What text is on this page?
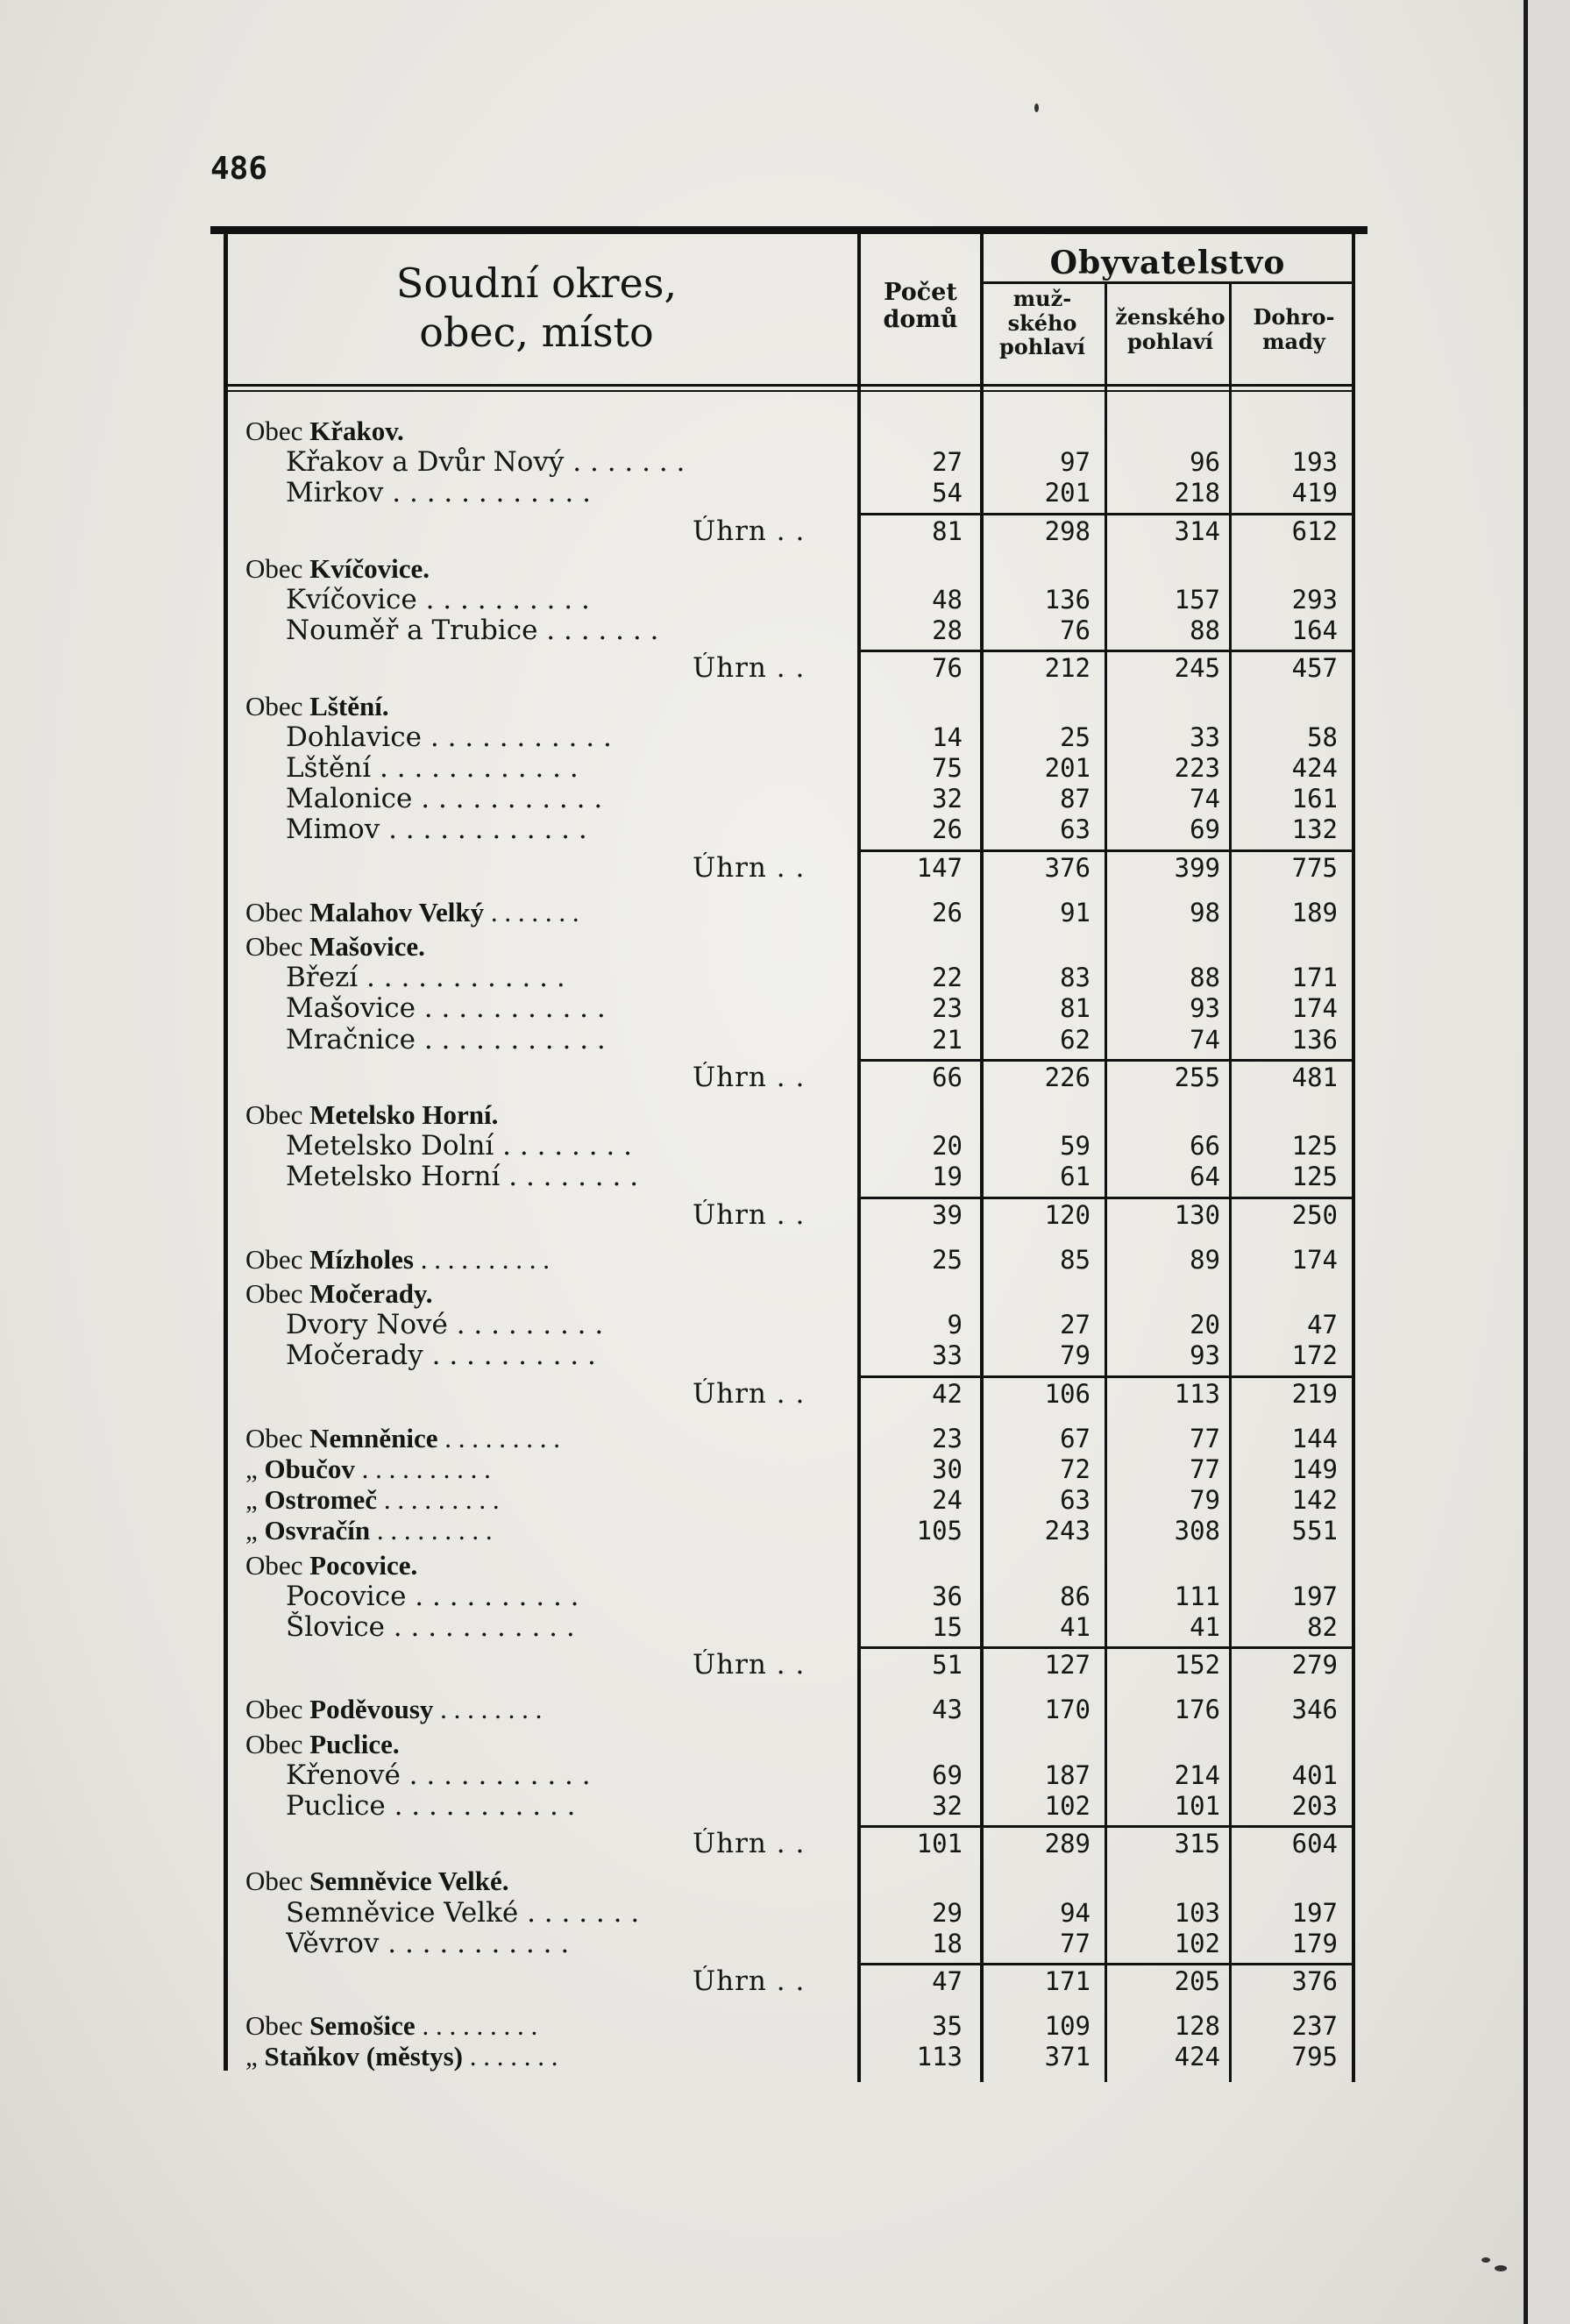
486
Soudní okres,
obec, místo
Počet
domů
Obyvatelstvo
muž-
ského
pohlaví
ženského
pohlaví
Dohro-
mady
Obec Křakov.
Křakov a Dvůr Nový . . . . . . .	27	97	96	193
Mirkov . . . . . . . . . . . .	54	201	218	419
Úhrn . .	81	298	314	612
Obec Kvíčovice.
Kvíčovice . . . . . . . . . .	48	136	157	293
Nouměř a Trubice . . . . . . .	28	76	88	164
Úhrn . .	76	212	245	457
Obec Lštění.
Dohlavice . . . . . . . . . . .	14	25	33	58
Lštění . . . . . . . . . . . .	75	201	223	424
Malonice . . . . . . . . . . .	32	87	74	161
Mimov . . . . . . . . . . . .	26	63	69	132
Úhrn . .	147	376	399	775
Obec Malahov Velký . . . . . . .	26	91	98	189
Obec Mašovice.
Březí . . . . . . . . . . . .	22	83	88	171
Mašovice . . . . . . . . . . .	23	81	93	174
Mračnice . . . . . . . . . . .	21	62	74	136
Úhrn . .	66	226	255	481
Obec Metelsko Horní.
Metelsko Dolní . . . . . . . .	20	59	66	125
Metelsko Horní . . . . . . . .	19	61	64	125
Úhrn . .	39	120	130	250
Obec Mízholes . . . . . . . . . .	25	85	89	174
Obec Močerady.
Dvory Nové . . . . . . . . .	9	27	20	47
Močerady . . . . . . . . . .	33	79	93	172
Úhrn . .	42	106	113	219
Obec Nemněnice . . . . . . . . .	23	67	77	144
„ Obučov . . . . . . . . . .	30	72	77	149
„ Ostromeč . . . . . . . . .	24	63	79	142
„ Osvračín . . . . . . . . .	105	243	308	551
Obec Pocovice.
Pocovice . . . . . . . . . .	36	86	111	197
Šlovice . . . . . . . . . . .	15	41	41	82
Úhrn . .	51	127	152	279
Obec Poděvousy . . . . . . . .	43	170	176	346
Obec Puclice.
Křenové . . . . . . . . . . .	69	187	214	401
Puclice . . . . . . . . . . .	32	102	101	203
Úhrn . .	101	289	315	604
Obec Semněvice Velké.
Semněvice Velké . . . . . . .	29	94	103	197
Věvrov . . . . . . . . . . .	18	77	102	179
Úhrn . .	47	171	205	376
Obec Semošice . . . . . . . . .	35	109	128	237
„ Staňkov (městys) . . . . . . .	113	371	424	795
